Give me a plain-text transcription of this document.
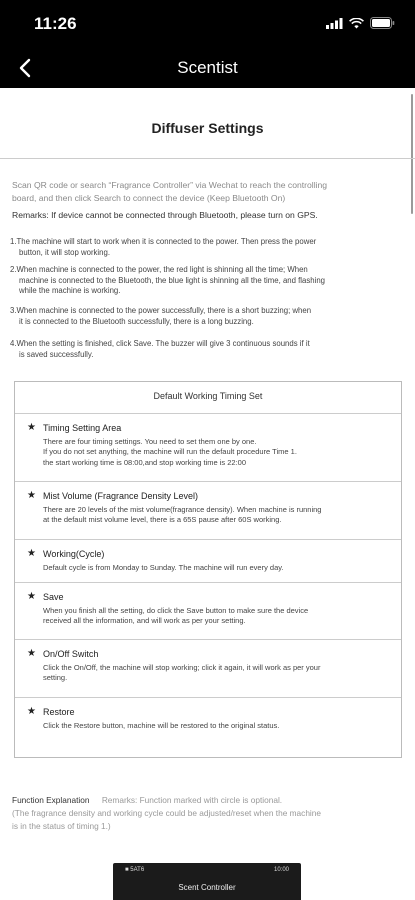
11:26
Scentist
Diffuser Settings
Scan QR code or search “Fragrance Controller” via Wechat to reach the controlling
board, and then click Search to connect the device (Keep Bluetooth On)
Remarks: If device cannot be connected through Bluetooth, please turn on GPS.
1.The machine will start to work when it is connected to the power. Then press the power
button, it will stop working.
2.When machine is connected to the power, the red light is shinning all the time; When
machine is connected to the Bluetooth, the blue light is shinning all the time, and flashing
while the machine is working.
3.When machine is connected to the power successfully, there is a short buzzing; when
it is connected to the Bluetooth successfully, there is a long buzzing.
4.When the setting is finished, click Save. The buzzer will give 3 continuous sounds if it
is saved successfully.
Default Working Timing Set
★ Timing Setting Area
There are four timing settings. You need to set them one by one.
If you do not set anything, the machine will run the default procedure Time 1.
the start working time is 08:00,and stop working time is 22:00
★ Mist Volume (Fragrance Density Level)
There are 20 levels of the mist volume(fragrance density). When machine is running
at the default mist volume level, there is a 65S pause after 60S working.
★ Working(Cycle)
Default cycle is from Monday to Sunday. The machine will run every day.
★ Save
When you finish all the setting, do click the Save button to make sure the device
received all the information, and will work as per your setting.
★ On/Off Switch
Click the On/Off, the machine will stop working; click it again, it will work as per your
setting.
★ Restore
Click the Restore button, machine will be restored to the original status.
Function Explanation Remarks: Function marked with circle is optional.
(The fragrance density and working cycle could be adjusted/reset when the machine
is in the status of timing 1.)
■ 5AT6	10:00
Scent Controller
